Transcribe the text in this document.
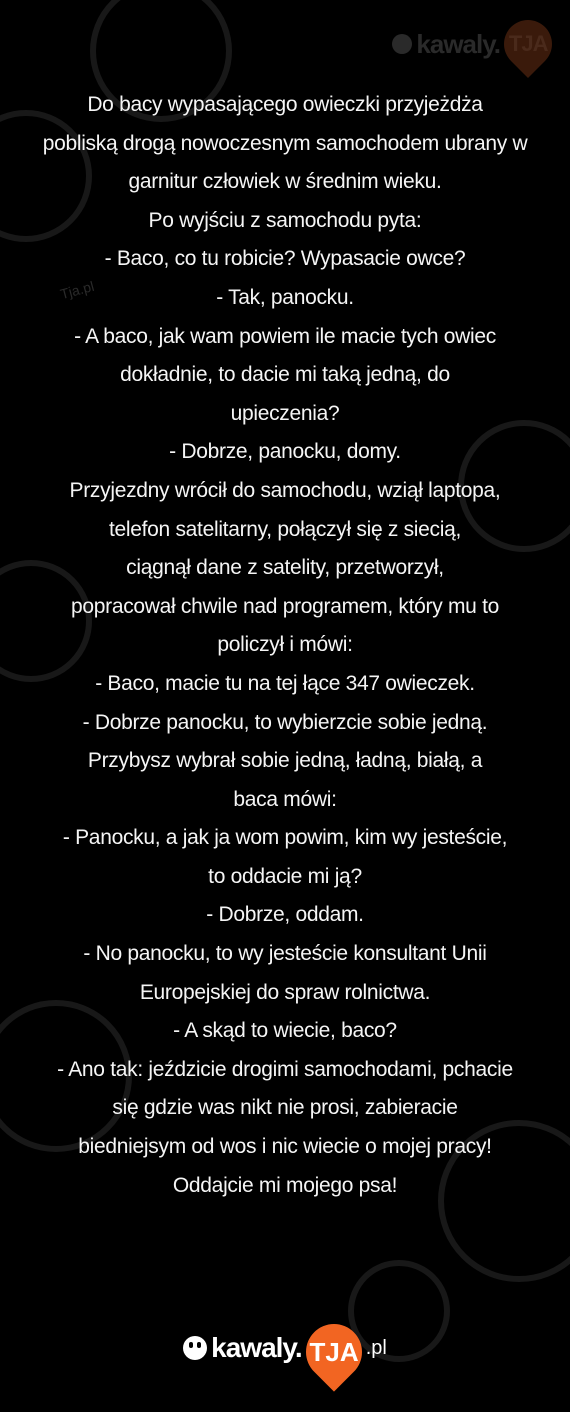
kawaly. TJA
Tja.pl
Do bacy wypasającego owieczki przyjeżdża
pobliską drogą nowoczesnym samochodem ubrany w
garnitur człowiek w średnim wieku.
Po wyjściu z samochodu pyta:
- Baco, co tu robicie? Wypasacie owce?
- Tak, panocku.
- A baco, jak wam powiem ile macie tych owiec
dokładnie, to dacie mi taką jedną, do
upieczenia?
- Dobrze, panocku, domy.
Przyjezdny wrócił do samochodu, wziął laptopa,
telefon satelitarny, połączył się z siecią,
ciągnął dane z satelity, przetworzył,
popracował chwile nad programem, który mu to
policzył i mówi:
- Baco, macie tu na tej łące 347 owieczek.
- Dobrze panocku, to wybierzcie sobie jedną.
Przybysz wybrał sobie jedną, ładną, białą, a
baca mówi:
- Panocku, a jak ja wom powim, kim wy jesteście,
to oddacie mi ją?
- Dobrze, oddam.
- No panocku, to wy jesteście konsultant Unii
Europejskiej do spraw rolnictwa.
- A skąd to wiecie, baco?
- Ano tak: jeździcie drogimi samochodami, pchacie
się gdzie was nikt nie prosi, zabieracie
biedniejsym od wos i nic wiecie o mojej pracy!
Oddajcie mi mojego psa!
kawaly. TJA .pl
